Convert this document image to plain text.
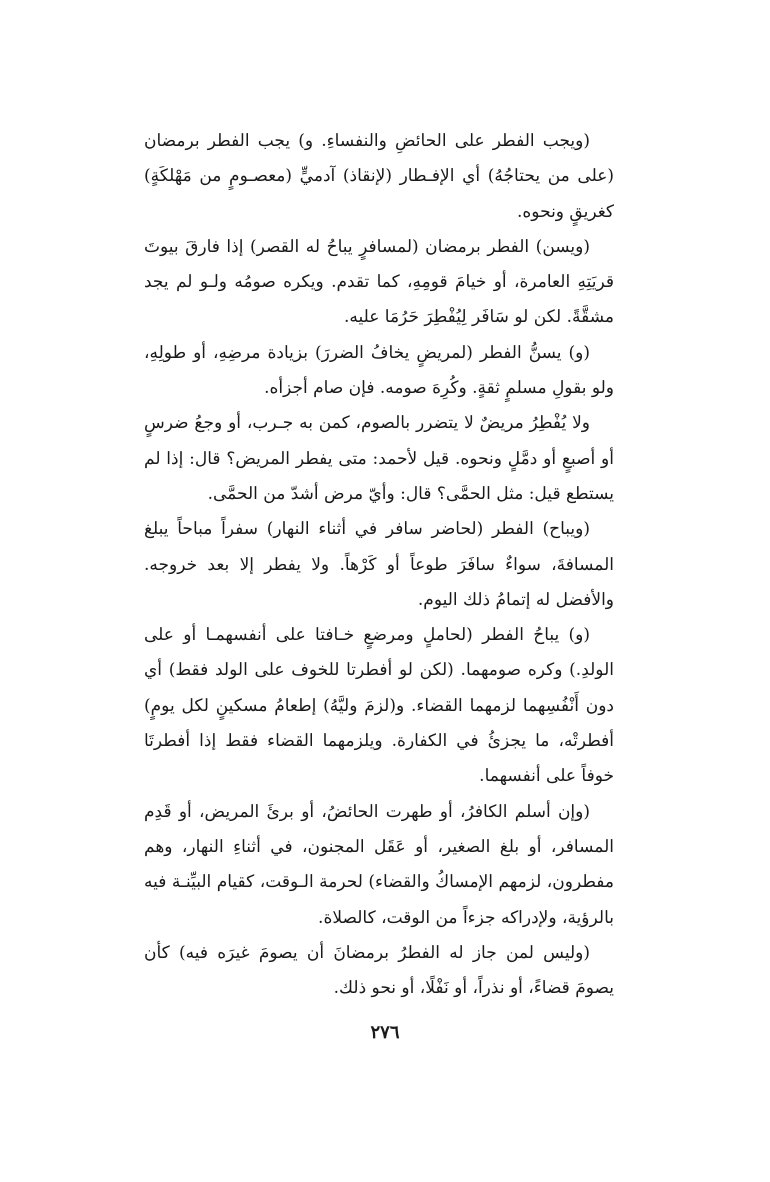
(ويجب الفطر على الحائضِ والنفساءِ. و) يجب الفطر برمضان (على من يحتاجُهُ) أي الإفـطار (لإنقاذ) آدميٍّ (معصـومٍ من مَهْلكَةٍ) كغريقٍ ونحوه.

(ويسن) الفطر برمضان (لمسافرٍ يباحُ له القصر) إذا فارقَ بيوتَ قريَتِهِ العامرة، أو خيامَ قومِهِ، كما تقدم. ويكره صومُه ولـو لم يجد مشقَّةً. لكن لو سَافَر لِيُفْطِرَ حَرُمَا عليه.

(و) يسنُّ الفطر (لمريضٍ يخافُ الضررَ) بزيادة مرضِهِ، أو طولِهِ، ولو بقولِ مسلمٍ ثقةٍ. وكُرِهَ صومه. فإن صام أجزأه.

ولا يُفْطِرُ مريضٌ لا يتضرر بالصوم، كمن به جـرب، أو وجعُ ضرسٍ أو أصبعٍ أو دمَّلٍ ونحوه. قيل لأحمد: متى يفطر المريض؟ قال: إذا لم يستطع قيل: مثل الحمَّى؟ قال: وأيّ مرض أشدّ من الحمَّى.

(ويباح) الفطر (لحاضر سافر في أثناء النهار) سفراً مباحاً يبلغ المسافةَ، سواءٌ سافَرَ طوعاً أو كَرْهاً. ولا يفطر إلا بعد خروجه. والأفضل له إتمامُ ذلك اليوم.

(و) يباحُ الفطر (لحاملٍ ومرضعٍ خـافتا على أنفسهمـا أو على الولدِ.) وكره صومهما. (لكن لو أفطرتا للخوف على الولد فقط) أي دون أَنْفُسِهما لزمهما القضاء. و(لزمَ وليَّهُ) إطعامُ مسكينٍ لكل يومٍ) أفطرتْه، ما يجزئُ في الكفارة. ويلزمهما القضاء فقط إذا أفطرتَا خوفاً على أنفسهما.

(وإن أسلم الكافرُ، أو طهرت الحائضُ، أو برئَ المريض، أو قَدِم المسافر، أو بلغ الصغير، أو عَقَل المجنون، في أثناءِ النهار، وهم مفطرون، لزمهم الإمساكُ والقضاء) لحرمة الـوقت، كقيام البيِّنـة فيه بالرؤية، ولإدراكه جزءاً من الوقت، كالصلاة.

(وليس لمن جاز له الفطرُ برمضانَ أن يصومَ غيرَه فيه) كأن يصومَ قضاءً، أو نذراً، أو نَفْلًا، أو نحو ذلك.

٢٧٦
